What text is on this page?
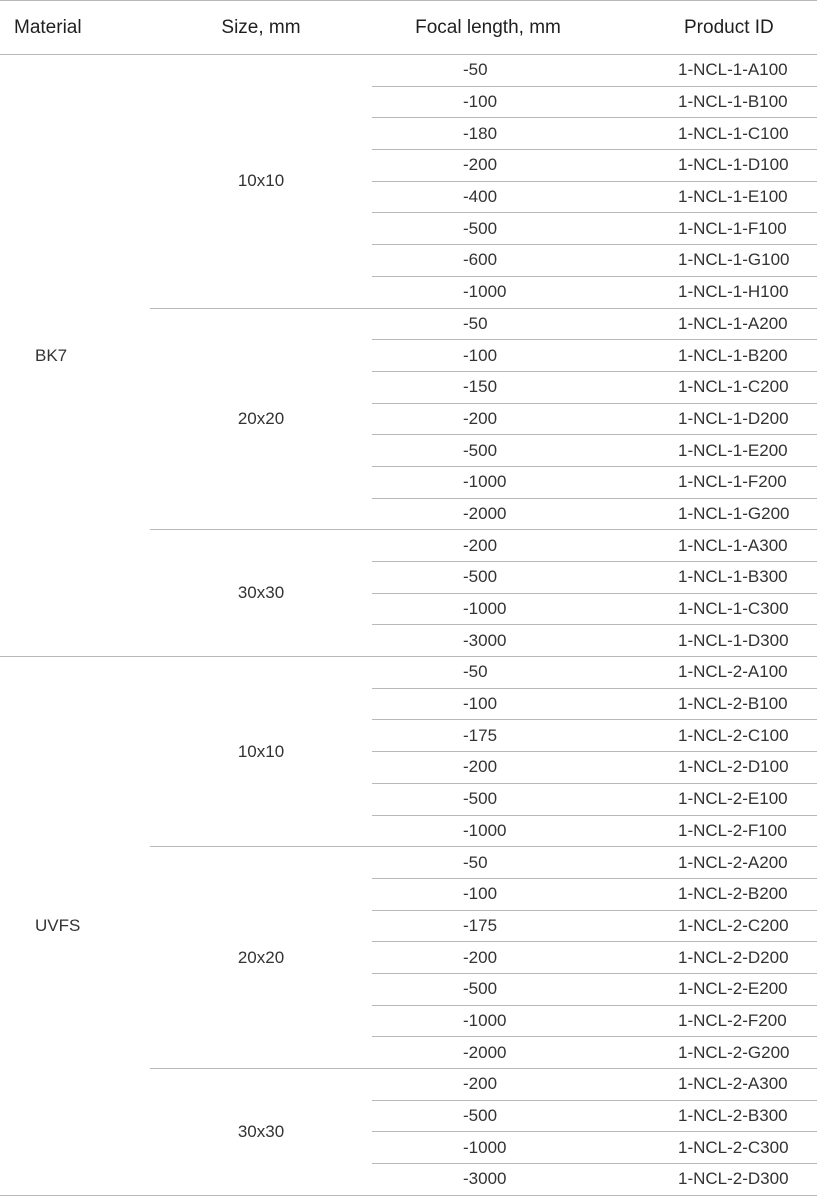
Material	Size, mm	Focal length, mm	Product ID
BK7	10x10	-50	1-NCL-1-A100
		-100	1-NCL-1-B100
		-180	1-NCL-1-C100
		-200	1-NCL-1-D100
		-400	1-NCL-1-E100
		-500	1-NCL-1-F100
		-600	1-NCL-1-G100
		-1000	1-NCL-1-H100
	20x20	-50	1-NCL-1-A200
		-100	1-NCL-1-B200
		-150	1-NCL-1-C200
		-200	1-NCL-1-D200
		-500	1-NCL-1-E200
		-1000	1-NCL-1-F200
		-2000	1-NCL-1-G200
	30x30	-200	1-NCL-1-A300
		-500	1-NCL-1-B300
		-1000	1-NCL-1-C300
		-3000	1-NCL-1-D300
UVFS	10x10	-50	1-NCL-2-A100
		-100	1-NCL-2-B100
		-175	1-NCL-2-C100
		-200	1-NCL-2-D100
		-500	1-NCL-2-E100
		-1000	1-NCL-2-F100
	20x20	-50	1-NCL-2-A200
		-100	1-NCL-2-B200
		-175	1-NCL-2-C200
		-200	1-NCL-2-D200
		-500	1-NCL-2-E200
		-1000	1-NCL-2-F200
		-2000	1-NCL-2-G200
	30x30	-200	1-NCL-2-A300
		-500	1-NCL-2-B300
		-1000	1-NCL-2-C300
		-3000	1-NCL-2-D300
